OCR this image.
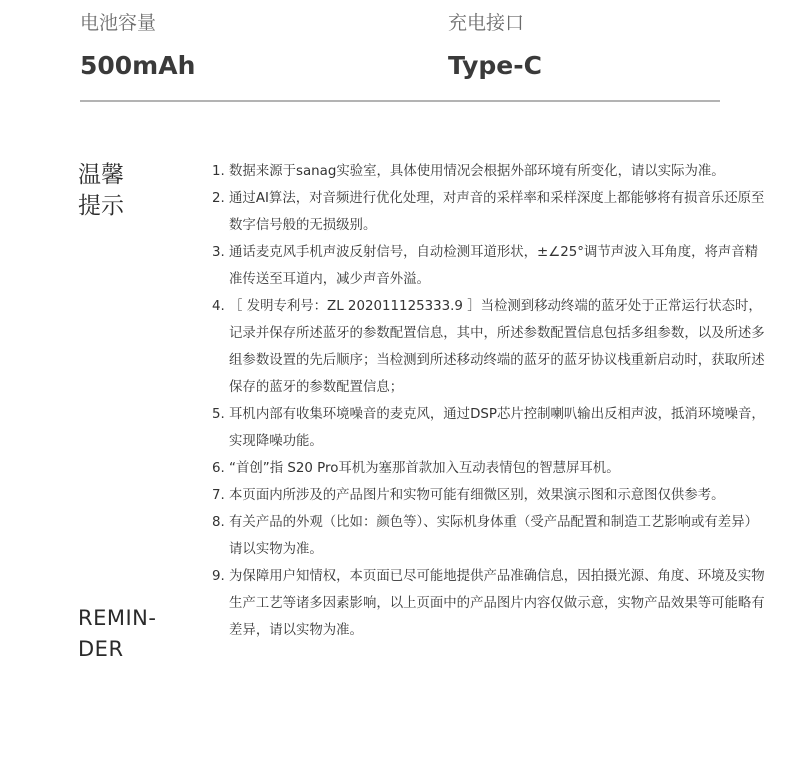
电池容量
500mAh
充电接口
Type-C
温馨
提示
REMIN-
DER
1. 数据来源于sanag实验室，具体使用情况会根据外部环境有所变化，请以实际为准。
2. 通过AI算法，对音频进行优化处理，对声音的采样率和采样深度上都能够将有损音乐还原至数字信号般的无损级别。
3. 通话麦克风手机声波反射信号，自动检测耳道形状，±∠25°调节声波入耳角度，将声音精准传送至耳道内，减少声音外溢。
4. ［ 发明专利号：ZL 202011125333.9 ］当检测到移动终端的蓝牙处于正常运行状态时，记录并保存所述蓝牙的参数配置信息，其中，所述参数配置信息包括多组参数，以及所述多组参数设置的先后顺序；当检测到所述移动终端的蓝牙的蓝牙协议栈重新启动时，获取所述保存的蓝牙的参数配置信息；
5. 耳机内部有收集环境噪音的麦克风，通过DSP芯片控制喇叭输出反相声波，抵消环境噪音，实现降噪功能。
6. “首创”指 S20 Pro耳机为塞那首款加入互动表情包的智慧屏耳机。
7. 本页面内所涉及的产品图片和实物可能有细微区别，效果演示图和示意图仅供参考。
8. 有关产品的外观（比如：颜色等）、实际机身体重（受产品配置和制造工艺影响或有差异）请以实物为准。
9. 为保障用户知情权，本页面已尽可能地提供产品准确信息，因拍摄光源、角度、环境及实物生产工艺等诸多因素影响，以上页面中的产品图片内容仅做示意，实物产品效果等可能略有差异，请以实物为准。
